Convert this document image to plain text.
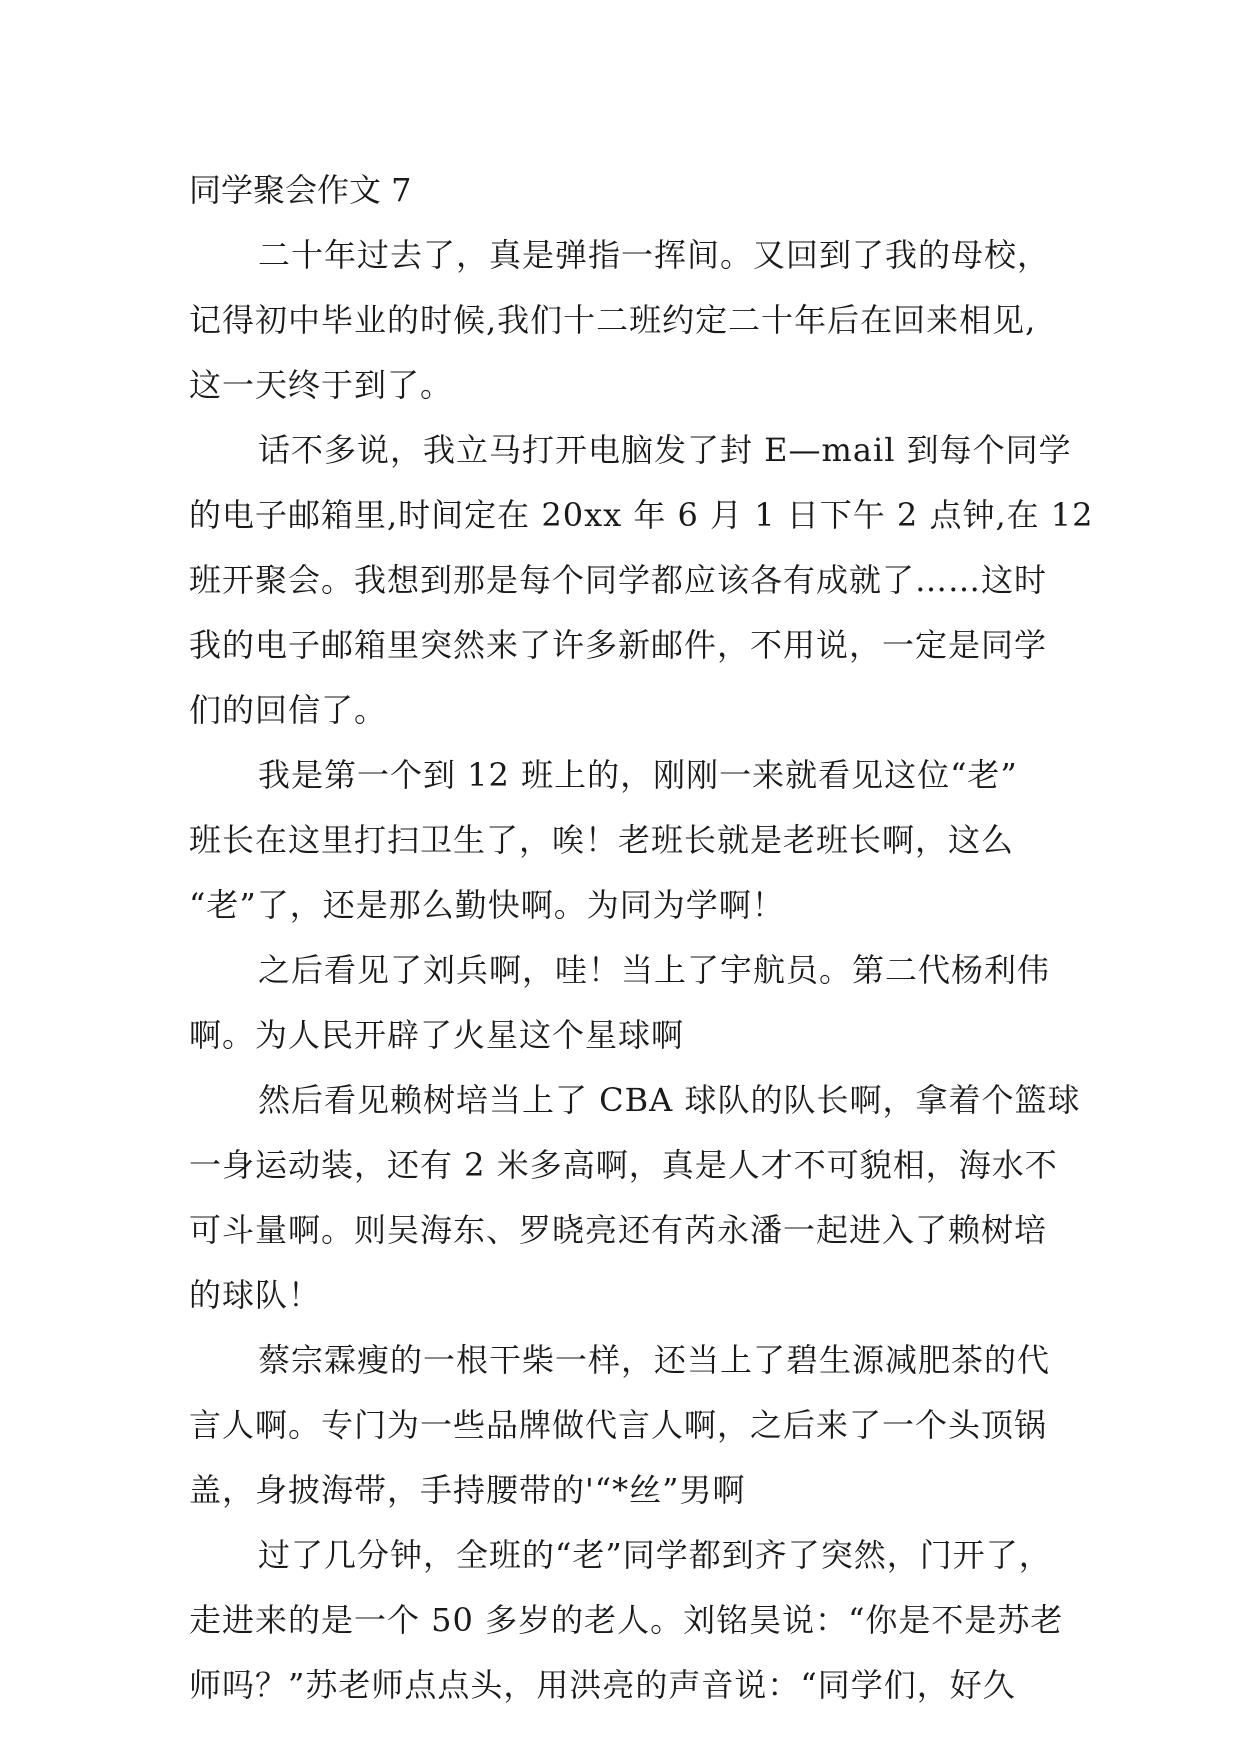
同学聚会作文 7
二十年过去了，真是弹指一挥间。又回到了我的母校，
记得初中毕业的时候,我们十二班约定二十年后在回来相见,
这一天终于到了。
话不多说，我立马打开电脑发了封 E—mail 到每个同学
的电子邮箱里,时间定在 20xx 年 6 月 1 日下午 2 点钟,在 12
班开聚会。我想到那是每个同学都应该各有成就了……这时
我的电子邮箱里突然来了许多新邮件，不用说，一定是同学
们的回信了。
我是第一个到 12 班上的，刚刚一来就看见这位“老”
班长在这里打扫卫生了，唉！老班长就是老班长啊，这么
“老”了，还是那么勤快啊。为同为学啊！
之后看见了刘兵啊，哇！当上了宇航员。第二代杨利伟
啊。为人民开辟了火星这个星球啊
然后看见赖树培当上了 CBA 球队的队长啊，拿着个篮球
一身运动装，还有 2 米多高啊，真是人才不可貌相，海水不
可斗量啊。则吴海东、罗晓亮还有芮永潘一起进入了赖树培
的球队！
蔡宗霖瘦的一根干柴一样，还当上了碧生源减肥茶的代
言人啊。专门为一些品牌做代言人啊，之后来了一个头顶锅
盖，身披海带，手持腰带的'“*丝”男啊
过了几分钟，全班的“老”同学都到齐了突然，门开了，
走进来的是一个 50 多岁的老人。刘铭昊说：“你是不是苏老
师吗？”苏老师点点头，用洪亮的声音说：“同学们，好久
